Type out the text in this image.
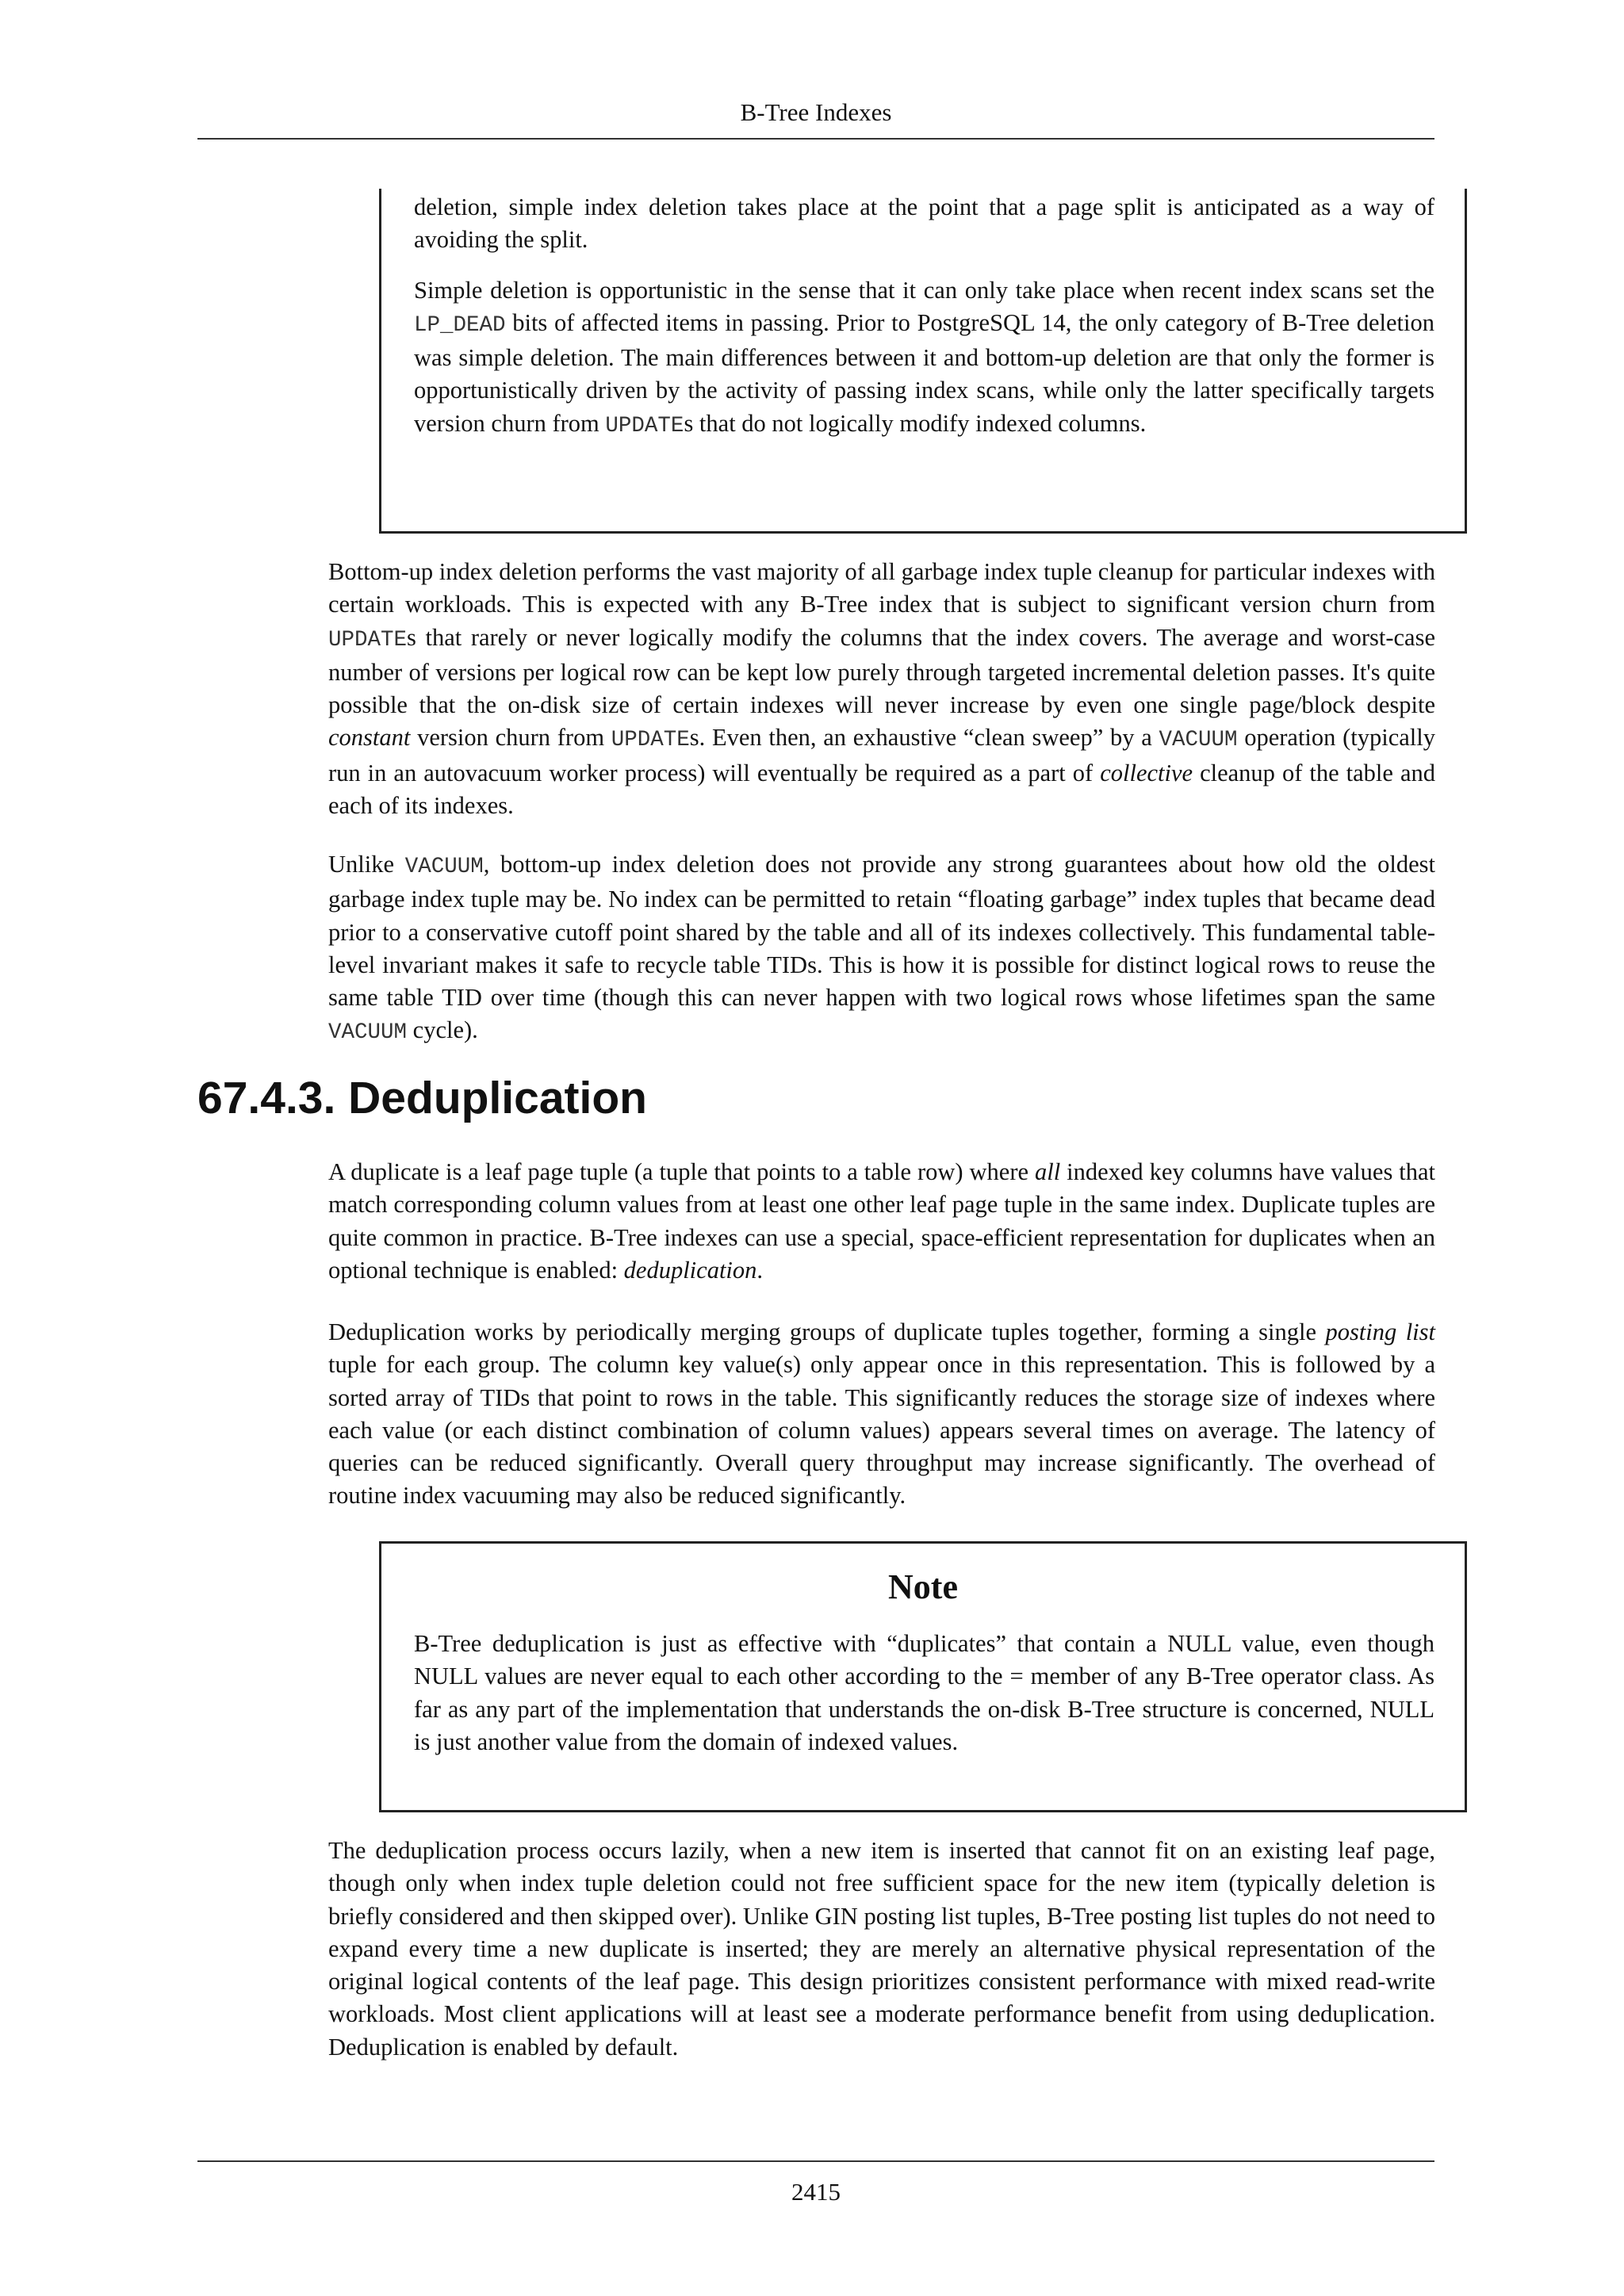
B-Tree Indexes

deletion, simple index deletion takes place at the point that a page split is anticipated as a way of avoiding the split.

Simple deletion is opportunistic in the sense that it can only take place when recent index scans set the LP_DEAD bits of affected items in passing. Prior to PostgreSQL 14, the only category of B-Tree deletion was simple deletion. The main differences between it and bottom-up deletion are that only the former is opportunistically driven by the activity of passing index scans, while only the latter specifically targets version churn from UPDATEs that do not logically modify indexed columns.

Bottom-up index deletion performs the vast majority of all garbage index tuple cleanup for particular indexes with certain workloads. This is expected with any B-Tree index that is subject to significant version churn from UPDATEs that rarely or never logically modify the columns that the index covers. The average and worst-case number of versions per logical row can be kept low purely through targeted incremental deletion passes. It's quite possible that the on-disk size of certain indexes will never increase by even one single page/block despite constant version churn from UPDATEs. Even then, an exhaustive “clean sweep” by a VACUUM operation (typically run in an autovacuum worker process) will eventually be required as a part of collective cleanup of the table and each of its indexes.

Unlike VACUUM, bottom-up index deletion does not provide any strong guarantees about how old the oldest garbage index tuple may be. No index can be permitted to retain “floating garbage” index tuples that became dead prior to a conservative cutoff point shared by the table and all of its indexes collectively. This fundamental table-level invariant makes it safe to recycle table TIDs. This is how it is possible for distinct logical rows to reuse the same table TID over time (though this can never happen with two logical rows whose lifetimes span the same VACUUM cycle).

67.4.3. Deduplication

A duplicate is a leaf page tuple (a tuple that points to a table row) where all indexed key columns have values that match corresponding column values from at least one other leaf page tuple in the same index. Duplicate tuples are quite common in practice. B-Tree indexes can use a special, space-efficient representation for duplicates when an optional technique is enabled: deduplication.

Deduplication works by periodically merging groups of duplicate tuples together, forming a single posting list tuple for each group. The column key value(s) only appear once in this representation. This is followed by a sorted array of TIDs that point to rows in the table. This significantly reduces the storage size of indexes where each value (or each distinct combination of column values) appears several times on average. The latency of queries can be reduced significantly. Overall query throughput may increase significantly. The overhead of routine index vacuuming may also be reduced significantly.

Note

B-Tree deduplication is just as effective with “duplicates” that contain a NULL value, even though NULL values are never equal to each other according to the = member of any B-Tree operator class. As far as any part of the implementation that understands the on-disk B-Tree structure is concerned, NULL is just another value from the domain of indexed values.

The deduplication process occurs lazily, when a new item is inserted that cannot fit on an existing leaf page, though only when index tuple deletion could not free sufficient space for the new item (typically deletion is briefly considered and then skipped over). Unlike GIN posting list tuples, B-Tree posting list tuples do not need to expand every time a new duplicate is inserted; they are merely an alternative physical representation of the original logical contents of the leaf page. This design prioritizes consistent performance with mixed read-write workloads. Most client applications will at least see a moderate performance benefit from using deduplication. Deduplication is enabled by default.

2415
